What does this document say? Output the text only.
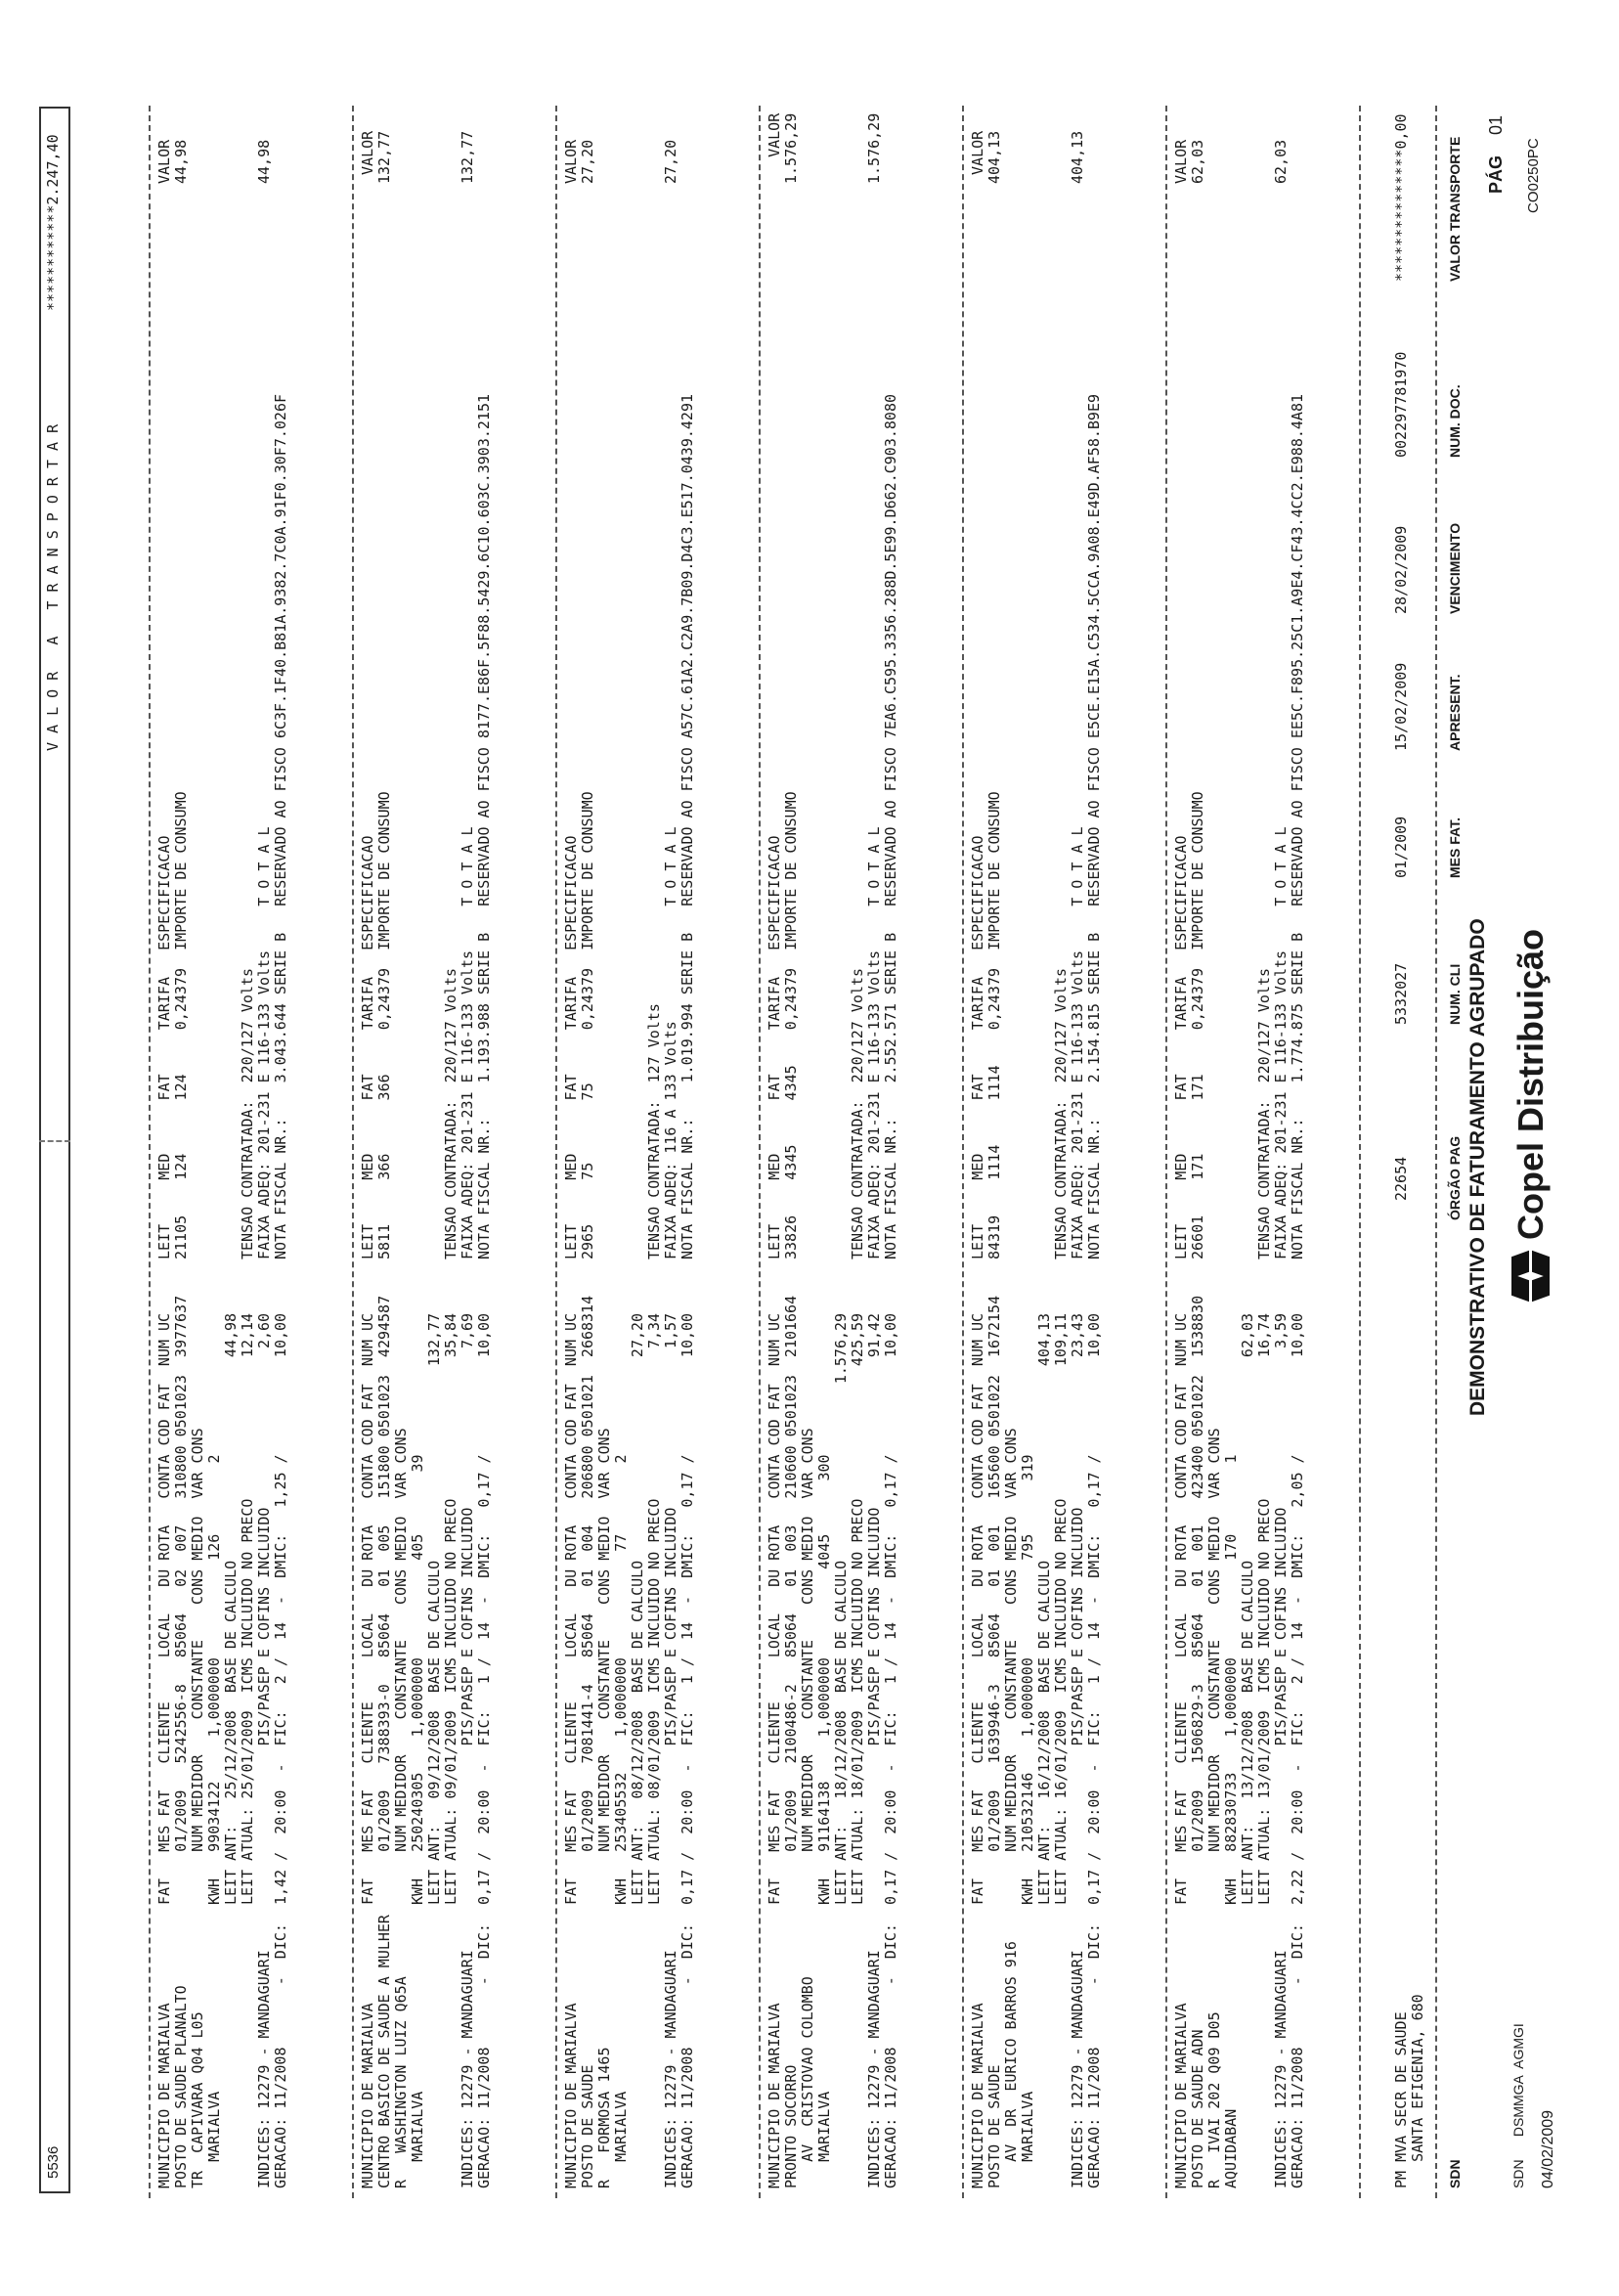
04/02/2009
PÁG
01
CO0250PC
SDN      DSMMGA  AGMGI
Copel Distribuição
DEMONSTRATIVO DE FATURAMENTO AGRUPADO
SDN
ÓRGÃO PAG
NUM. CLI
MES FAT.
APRESENT.
VENCIMENTO
NUM. DOC.
VALOR TRANSPORTE
PM MVA SECR DE SAUDE
SANTA EFIGENIA, 680
22654
5332027
01/2009
15/02/2009
28/02/2009
002297781970
***************0,00
MUNICIPIO DE MARIALVA
POSTO DE SAUDE ADN
R   IVAI 202 Q09 D05
AQUIDABAN

INDICES: 12279 - MANDAGUARI
GERACAO: 11/2008       -  DIC:
FAT   MES FAT   CLIENTE     LOCAL   DU ROTA   CONTA COD FAT  NUM UC
01/2009   1506829-3   85064   01  001   423400 0501022  1538830
NUM MEDIDOR    CONSTANTE    CONS MEDIO  VAR CONS
KWH   882830733    1,0000000           170        1
LEIT ANT:   13/12/2008  BASE DE CALCULO                       62,03
LEIT ATUAL: 13/01/2009  ICMS INCLUIDO NO PRECO                16,74
PIS/PASEP E COFINS INCLUIDO                  3,59
2,22 /  20:00  -  FIC:   2 /  14  -  DMIC:   2,05 /           10,00
LEIT     MED      FAT     TARIFA   ESPECIFICACAO
26601    171      171     0,24379  IMPORTE DE CONSUMO

TENSAO CONTRATADA:  220/127 Volts
FAIXA ADEQ: 201-231 E 116-133 Volts     T O T A L
NOTA FISCAL NR.:    1.774.875 SERIE B   RESERVADO AO FISCO EE5C.F895.25C1.A9E4.CF43.4CC2.E988.4A81
VALOR
62,03

62,03
MUNICIPIO DE MARIALVA
POSTO DE SAUDE
AV  DR  EURICO BARROS 916
MARIALVA

INDICES: 12279 - MANDAGUARI
GERACAO: 11/2008       -  DIC:
FAT   MES FAT   CLIENTE     LOCAL   DU ROTA   CONTA COD FAT  NUM UC
01/2009   1639946-3   85064   01  001   165600 0501022  1672154
NUM MEDIDOR    CONSTANTE    CONS MEDIO  VAR CONS
KWH   210532146    1,0000000           795      319
LEIT ANT:   16/12/2008  BASE DE CALCULO                      404,13
LEIT ATUAL: 16/01/2009  ICMS INCLUIDO NO PRECO               109,11
PIS/PASEP E COFINS INCLUIDO                 23,43
0,17 /  20:00  -  FIC:   1 /  14  -  DMIC:   0,17 /           10,00
LEIT     MED      FAT     TARIFA   ESPECIFICACAO
84319    1114     1114    0,24379  IMPORTE DE CONSUMO

TENSAO CONTRATADA:  220/127 Volts
FAIXA ADEQ: 201-231 E 116-133 Volts     T O T A L
NOTA FISCAL NR.:    2.154.815 SERIE B   RESERVADO AO FISCO E5CE.E15A.C534.5CCA.9A08.E49D.AF58.B9E9
VALOR
404,13

404,13
MUNICIPIO DE MARIALVA
PRONTO SOCORRO
AV  CRISTOVAO COLOMBO
MARIALVA

INDICES: 12279 - MANDAGUARI
GERACAO: 11/2008       -  DIC:
FAT   MES FAT   CLIENTE     LOCAL   DU ROTA   CONTA COD FAT  NUM UC
01/2009   2100486-2   85064   01  003   210600 0501023  2101664
NUM MEDIDOR    CONSTANTE    CONS MEDIO  VAR CONS
KWH   91164138     1,0000000          4045      300
LEIT ANT:   18/12/2008  BASE DE CALCULO                    1.576,29
LEIT ATUAL: 18/01/2009  ICMS INCLUIDO NO PRECO               425,59
PIS/PASEP E COFINS INCLUIDO                 91,42
0,17 /  20:00  -  FIC:   1 /  14  -  DMIC:   0,17 /           10,00
LEIT     MED      FAT     TARIFA   ESPECIFICACAO
33826    4345     4345    0,24379  IMPORTE DE CONSUMO

TENSAO CONTRATADA:  220/127 Volts
FAIXA ADEQ: 201-231 E 116-133 Volts     T O T A L
NOTA FISCAL NR.:    2.552.571 SERIE B   RESERVADO AO FISCO 7EA6.C595.3356.288D.5E99.D662.C903.8080
VALOR
1.576,29

1.576,29
MUNICIPIO DE MARIALVA
POSTO DE SAUDE
R   FORMOSA 1465
MARIALVA

INDICES: 12279 - MANDAGUARI
GERACAO: 11/2008       -  DIC:
FAT   MES FAT   CLIENTE     LOCAL   DU ROTA   CONTA COD FAT  NUM UC
01/2009   7081441-4   85064   01  004   206800 0501021  2668314
NUM MEDIDOR    CONSTANTE    CONS MEDIO  VAR CONS
KWH   253405532    1,0000000            77        2
LEIT ANT:   08/12/2008  BASE DE CALCULO                       27,20
LEIT ATUAL: 08/01/2009  ICMS INCLUIDO NO PRECO                 7,34
PIS/PASEP E COFINS INCLUIDO                  1,57
0,17 /  20:00  -  FIC:   1 /  14  -  DMIC:   0,17 /           10,00
LEIT     MED      FAT     TARIFA   ESPECIFICACAO
2965     75       75      0,24379  IMPORTE DE CONSUMO

TENSAO CONTRATADA:  127 Volts
FAIXA ADEQ: 116 A 133 Volts             T O T A L
NOTA FISCAL NR.:    1.019.994 SERIE B   RESERVADO AO FISCO A57C.61A2.C2A9.7B09.D4C3.E517.0439.4291
VALOR
27,20

27,20
MUNICIPIO DE MARIALVA
CENTRO BASICO DE SAUDE A MULHER
R   WASHINGTON LUIZ Q65A
MARIALVA

INDICES: 12279 - MANDAGUARI
GERACAO: 11/2008       -  DIC:
FAT   MES FAT   CLIENTE     LOCAL   DU ROTA   CONTA COD FAT  NUM UC
01/2009   7388393-0   85064   01  005   151800 0501023  4294587
NUM MEDIDOR    CONSTANTE    CONS MEDIO  VAR CONS
KWH   250240305    1,0000000           405       39
LEIT ANT:   09/12/2008  BASE DE CALCULO                      132,77
LEIT ATUAL: 09/01/2009  ICMS INCLUIDO NO PRECO                35,84
PIS/PASEP E COFINS INCLUIDO                  7,69
0,17 /  20:00  -  FIC:   1 /  14  -  DMIC:   0,17 /           10,00
LEIT     MED      FAT     TARIFA   ESPECIFICACAO
5811     366      366     0,24379  IMPORTE DE CONSUMO

TENSAO CONTRATADA:  220/127 Volts
FAIXA ADEQ: 201-231 E 116-133 Volts     T O T A L
NOTA FISCAL NR.:    1.193.988 SERIE B   RESERVADO AO FISCO 8177.E86F.5F88.5429.6C10.603C.3903.2151
VALOR
132,77

132,77
MUNICIPIO DE MARIALVA
POSTO DE SAUDE PLANALTO
TR  CAPIVARA Q04 L05
MARIALVA

INDICES: 12279 - MANDAGUARI
GERACAO: 11/2008       -  DIC:
FAT   MES FAT   CLIENTE     LOCAL   DU ROTA   CONTA COD FAT  NUM UC
01/2009   5242556-8   85064   02  007   310800 0501023  3977637
NUM MEDIDOR    CONSTANTE    CONS MEDIO  VAR CONS
KWH   99034122     1,0000000           126        2
LEIT ANT:   25/12/2008  BASE DE CALCULO                       44,98
LEIT ATUAL: 25/01/2009  ICMS INCLUIDO NO PRECO                12,14
PIS/PASEP E COFINS INCLUIDO                  2,60
1,42 /  20:00  -  FIC:   2 /  14  -  DMIC:   1,25 /           10,00
LEIT     MED      FAT     TARIFA   ESPECIFICACAO
21105    124      124     0,24379  IMPORTE DE CONSUMO

TENSAO CONTRATADA:  220/127 Volts
FAIXA ADEQ: 201-231 E 116-133 Volts     T O T A L
NOTA FISCAL NR.:    3.043.644 SERIE B   RESERVADO AO FISCO 6C3F.1F40.B81A.9382.7C0A.91F0.30F7.026F
VALOR
44,98

44,98
5536
V A L O R   A   T R A N S P O R T A R
************2.247,40
